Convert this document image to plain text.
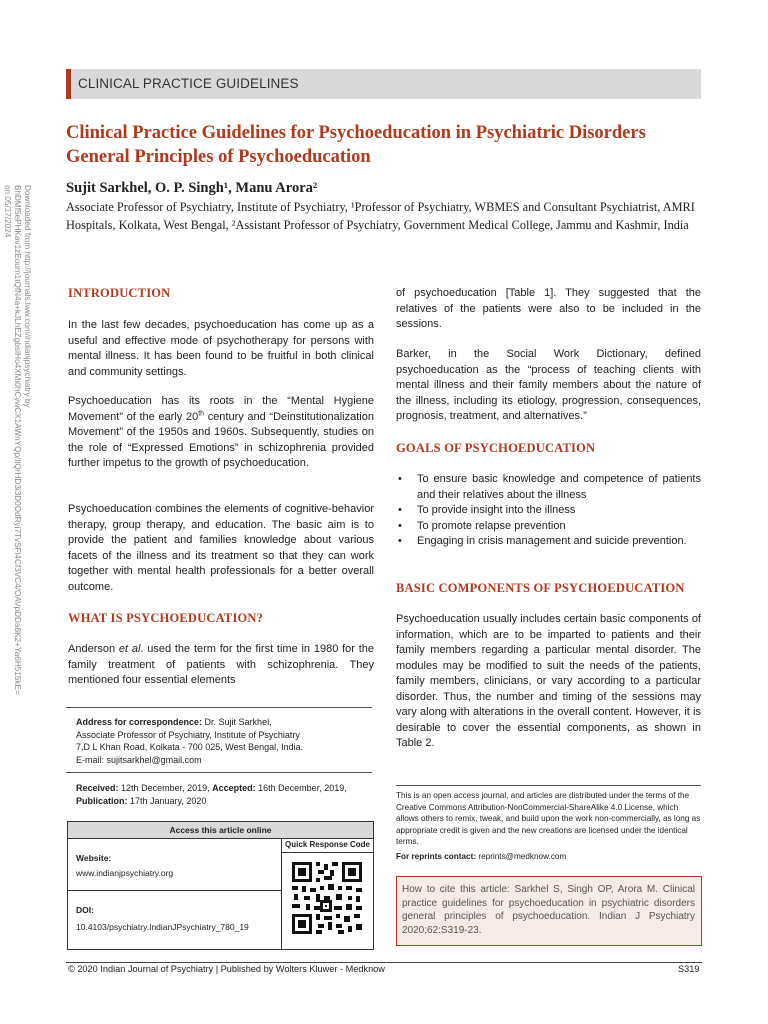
CLINICAL PRACTICE GUIDELINES
Clinical Practice Guidelines for Psychoeducation in Psychiatric Disorders
General Principles of Psychoeducation
Sujit Sarkhel, O. P. Singh¹, Manu Arora²
Associate Professor of Psychiatry, Institute of Psychiatry, ¹Professor of Psychiatry, WBMES and Consultant Psychiatrist, AMRI
Hospitals, Kolkata, West Bengal, ²Assistant Professor of Psychiatry, Government Medical College, Jammu and Kashmir, India
Downloaded from http://journals.lww.com/indianjpsychiatry by BhDMf5ePHKav1zEoum1tQfN4a+kJLhEZgbsIHo4XMi0hCywCX1AWnYQp/IlQrHD3i3D0OdRyi7TvSFl4Cf3VC4/OAVpDDa8K2+Ya6H515kE= on 05/17/2024
INTRODUCTION
In the last few decades, psychoeducation has come up as a useful and effective mode of psychotherapy for persons with mental illness. It has been found to be fruitful in both clinical and community settings.
Psychoeducation has its roots in the “Mental Hygiene Movement” of the early 20th century and “Deinstitutionalization Movement” of the 1950s and 1960s. Subsequently, studies on the role of “Expressed Emotions” in schizophrenia provided further impetus to the growth of psychoeducation.
Psychoeducation combines the elements of cognitive-behavior therapy, group therapy, and education. The basic aim is to provide the patient and families knowledge about various facets of the illness and its treatment so that they can work together with mental health professionals for a better overall outcome.
WHAT IS PSYCHOEDUCATION?
Anderson et al. used the term for the first time in 1980 for the family treatment of patients with schizophrenia. They mentioned four essential elements
Address for correspondence: Dr. Sujit Sarkhel,
Associate Professor of Psychiatry, Institute of Psychiatry
7,D L Khan Road, Kolkata - 700 025, West Bengal, India.
E-mail: sujitsarkhel@gmail.com
Received: 12th December, 2019, Accepted: 16th December, 2019,
Publication: 17th January, 2020
Access this article online
Quick Response Code
Website:
www.indianjpsychiatry.org
DOI:
10.4103/psychiatry.IndianJPsychiatry_780_19
of psychoeducation [Table 1]. They suggested that the relatives of the patients were also to be included in the sessions.
Barker, in the Social Work Dictionary, defined psychoeducation as the “process of teaching clients with mental illness and their family members about the nature of the illness, including its etiology, progression, consequences, prognosis, treatment, and alternatives.”
GOALS OF PSYCHOEDUCATION
• To ensure basic knowledge and competence of patients and their relatives about the illness
• To provide insight into the illness
• To promote relapse prevention
• Engaging in crisis management and suicide prevention.
BASIC COMPONENTS OF PSYCHOEDUCATION
Psychoeducation usually includes certain basic components of information, which are to be imparted to patients and their family members regarding a particular mental disorder. The modules may be modified to suit the needs of the patients, family members, clinicians, or vary according to a particular disorder. Thus, the number and timing of the sessions may vary along with alterations in the overall content. However, it is desirable to cover the essential components, as shown in Table 2.
This is an open access journal, and articles are distributed under the terms of the Creative Commons Attribution-NonCommercial-ShareAlike 4.0 License, which allows others to remix, tweak, and build upon the work non-commercially, as long as appropriate credit is given and the new creations are licensed under the identical terms.
For reprints contact: reprints@medknow.com
How to cite this article: Sarkhel S, Singh OP, Arora M. Clinical practice guidelines for psychoeducation in psychiatric disorders general principles of psychoeducation. Indian J Psychiatry 2020;62:S319-23.
© 2020 Indian Journal of Psychiatry | Published by Wolters Kluwer - Medknow	S319
